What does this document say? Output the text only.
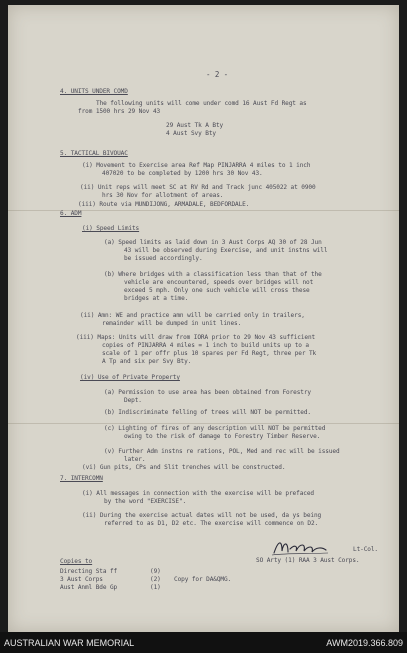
- 2 -
4. UNITS UNDER COMD
The following units will come under comd 16 Aust Fd Regt as
from 1500 hrs 29 Nov 43
29 Aust Tk A Bty
4 Aust Svy Bty
5. TACTICAL BIVOUAC
(i) Movement to Exercise area Ref Map PINJARRA 4 miles to 1 inch
407020 to be completed by 1200 hrs 30 Nov 43.
(ii) Unit reps will meet SC at RV Rd and Track junc 405022 at 0900
hrs 30 Nov for allotment of areas.
(iii) Route via MUNDIJONG, ARMADALE, BEDFORDALE.
6. ADM
(i) Speed Limits
(a) Speed limits as laid down in 3 Aust Corps AQ 30 of 28 Jun
43 will be observed during Exercise, and unit instns will
be issued accordingly.
(b) Where bridges with a classification less than that of the
vehicle are encountered, speeds over bridges will not
exceed 5 mph. Only one such vehicle will cross these
bridges at a time.
(ii) Amn: WE and practice amn will be carried only in trailers,
remainder will be dumped in unit lines.
(iii) Maps: Units will draw from IORA prior to 29 Nov 43 sufficient
copies of PINJARRA 4 miles = 1 inch to build units up to a
scale of 1 per offr plus 10 spares per Fd Regt, three per Tk
A Tp and six per Svy Bty.
(iv) Use of Private Property
(a) Permission to use area has been obtained from Forestry
Dept.
(b) Indiscriminate felling of trees will NOT be permitted.
(c) Lighting of fires of any description will NOT be permitted
owing to the risk of damage to Forestry Timber Reserve.
(v) Further Adm instns re rations, POL, Med and rec will be issued
later.
(vi) Gun pits, CPs and Slit trenches will be constructed.
7. INTERCOMN
(i) All messages in connection with the exercise will be prefaced
by the word "EXERCISE".
(ii) During the exercise actual dates will not be used, da ys being
referred to as D1, D2 etc. The exercise will commence on D2.
Lt-Col.
SO Arty (1) RAA 3 Aust Corps.
Copies to
Directing Sta ff	(9)
3 Aust Corps	(2)
Aust Anml Bde Gp	(1)
Copy for DA&QMG.
AUSTRALIAN WAR MEMORIAL	AWM2019.366.809
